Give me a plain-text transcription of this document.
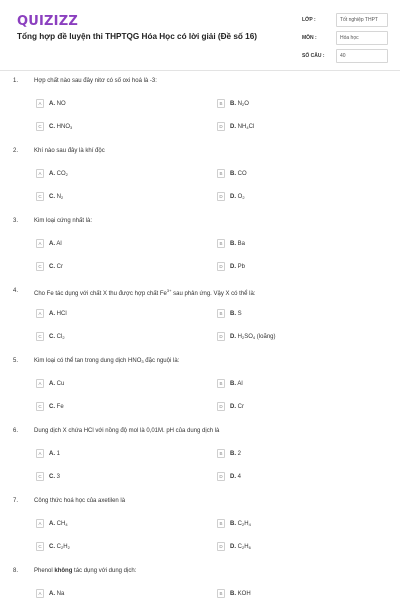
QUIZIZZ
Tổng hợp đề luyện thi THPTQG Hóa Học có lời giải (Đề số 16)
LỚP :	Tốt nghiệp THPT
MÔN :	Hóa học
SỐ CÂU :	40
1.	Hợp chất nào sau đây nitơ có số oxi hoá là -3:
A	A. NO	B	B. $N_2O$
C	C. $HNO_3$	D	D. $NH_4Cl$
2.	Khí nào sau đây là khí độc
A	A. $CO_2$	B	B. CO
C	C. $N_2$	D	D. $O_2$
3.	Kim loại cứng nhất là:
A	A. Al	B	B. Ba
C	C. Cr	D	D. Pb
4.	Cho Fe tác dụng với chất X thu được hợp chất $Fe^{3+}$ sau phản ứng. Vậy X có thể là:
A	A. HCl	B	B. S
C	C. $Cl_2$	D	D. $H_2SO_4$ (loãng)
5.	Kim loại có thể tan trong dung dịch $HNO_3$ đặc nguội là:
A	A. Cu	B	B. Al
C	C. Fe	D	D. Cr
6.	Dung dịch X chứa HCl với nồng độ mol là 0,01M. pH của dung dịch là
A	A. 1	B	B. 2
C	C. 3	D	D. 4
7.	Công thức hoá học của axetilen là
A	A. $CH_4$	B	B. $C_2H_4$
C	C. $C_2H_2$	D	D. $C_2H_6$
8.	Phenol không tác dụng với dung dịch:
A	A. Na	B	B. KOH
